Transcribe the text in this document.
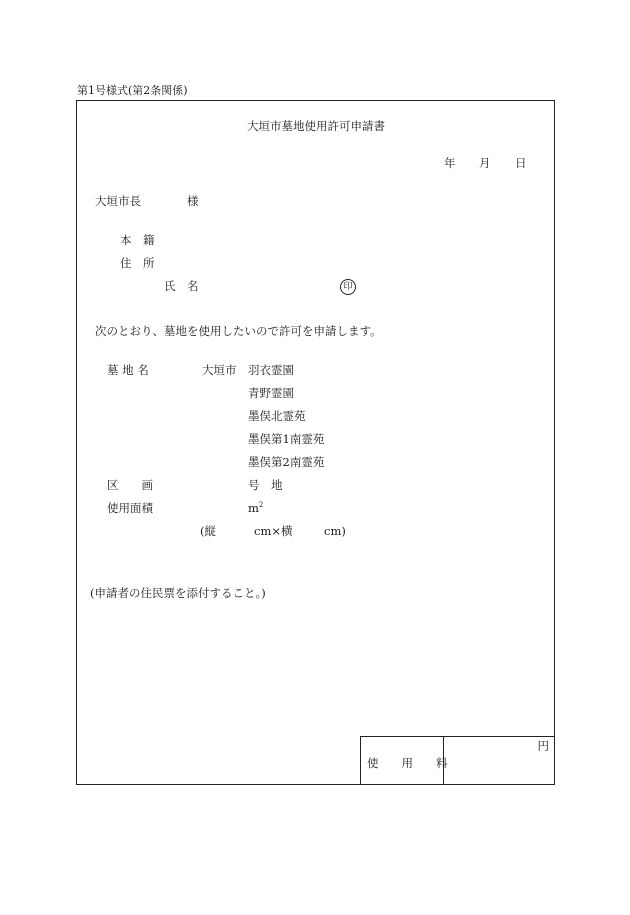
第1号様式(第2条関係)
大垣市墓地使用許可申請書
年 月 日
大垣市長	様
本　籍
住　所
氏　名	印
次のとおり、墓地を使用したいので許可を申請します。
墓 地 名	大垣市 羽衣霊園
青野霊園
墨俣北霊苑
墨俣第1南霊苑
墨俣第2南霊苑
区　　画	号 地
使用面積	$m^2$
(縦	cm×横	cm)
(申請者の住民票を添付すること。)
使　　用　　料
円
